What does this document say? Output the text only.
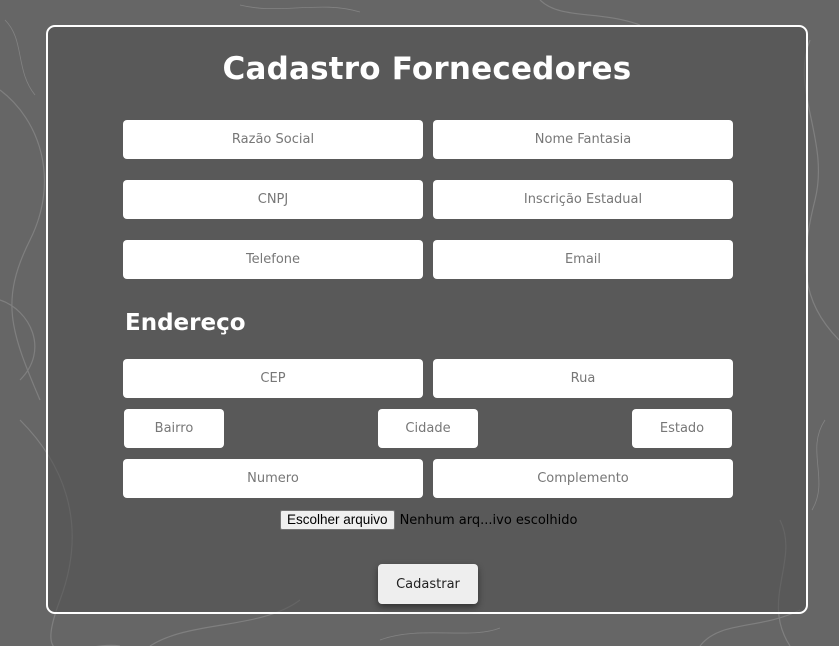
Cadastro Fornecedores
Razão Social
Nome Fantasia
CNPJ
Inscrição Estadual
Telefone
Email
Endereço
CEP
Rua
Bairro
Cidade
Estado
Numero
Complemento
Escolher arquivo Nenhum arq...ivo escolhido
Cadastrar
